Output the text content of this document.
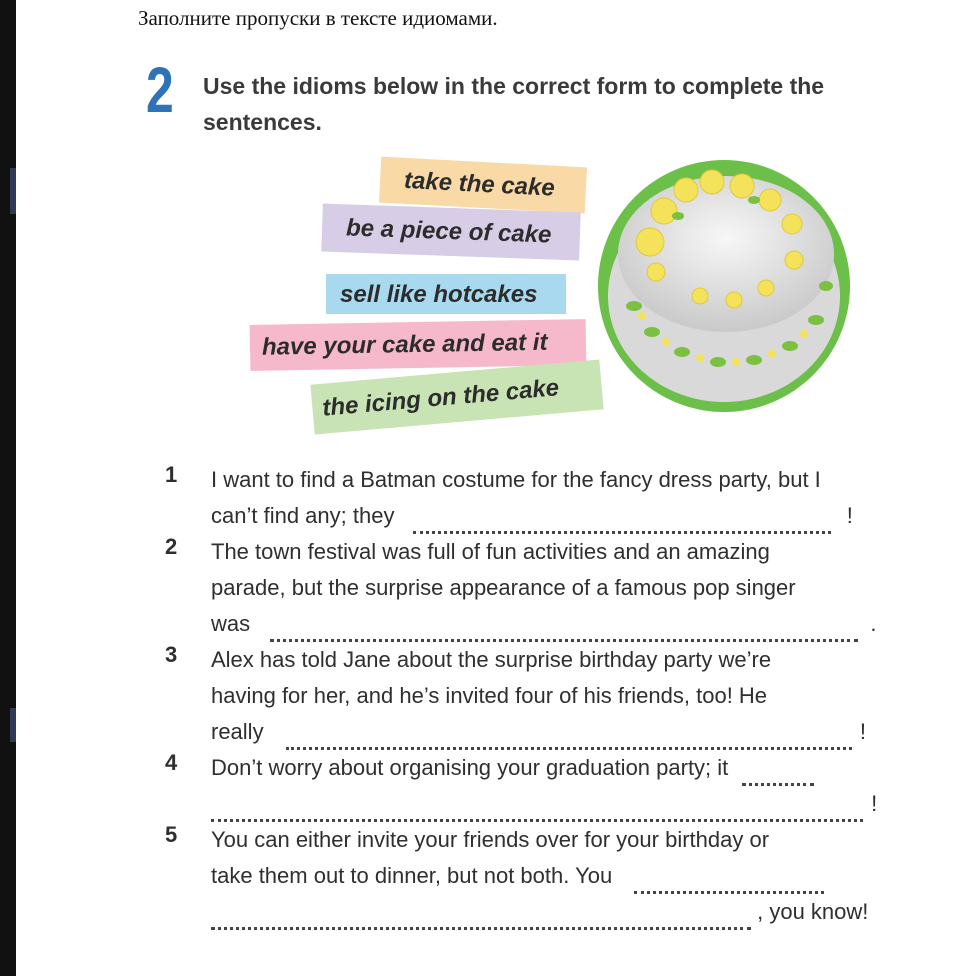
Заполните пропуски в тексте идиомами.
2 Use the idioms below in the correct form to complete the
sentences.
take the cake
be a piece of cake
sell like hotcakes
have your cake and eat it
the icing on the cake
1	I want to find a Batman costume for the fancy dress party, but I
can’t find any; they	!
2	The town festival was full of fun activities and an amazing
parade, but the surprise appearance of a famous pop singer
was	.
3	Alex has told Jane about the surprise birthday party we’re
having for her, and he’s invited four of his friends, too! He
really	!
4	Don’t worry about organising your graduation party; it
!
5	You can either invite your friends over for your birthday or
take them out to dinner, but not both. You
, you know!
